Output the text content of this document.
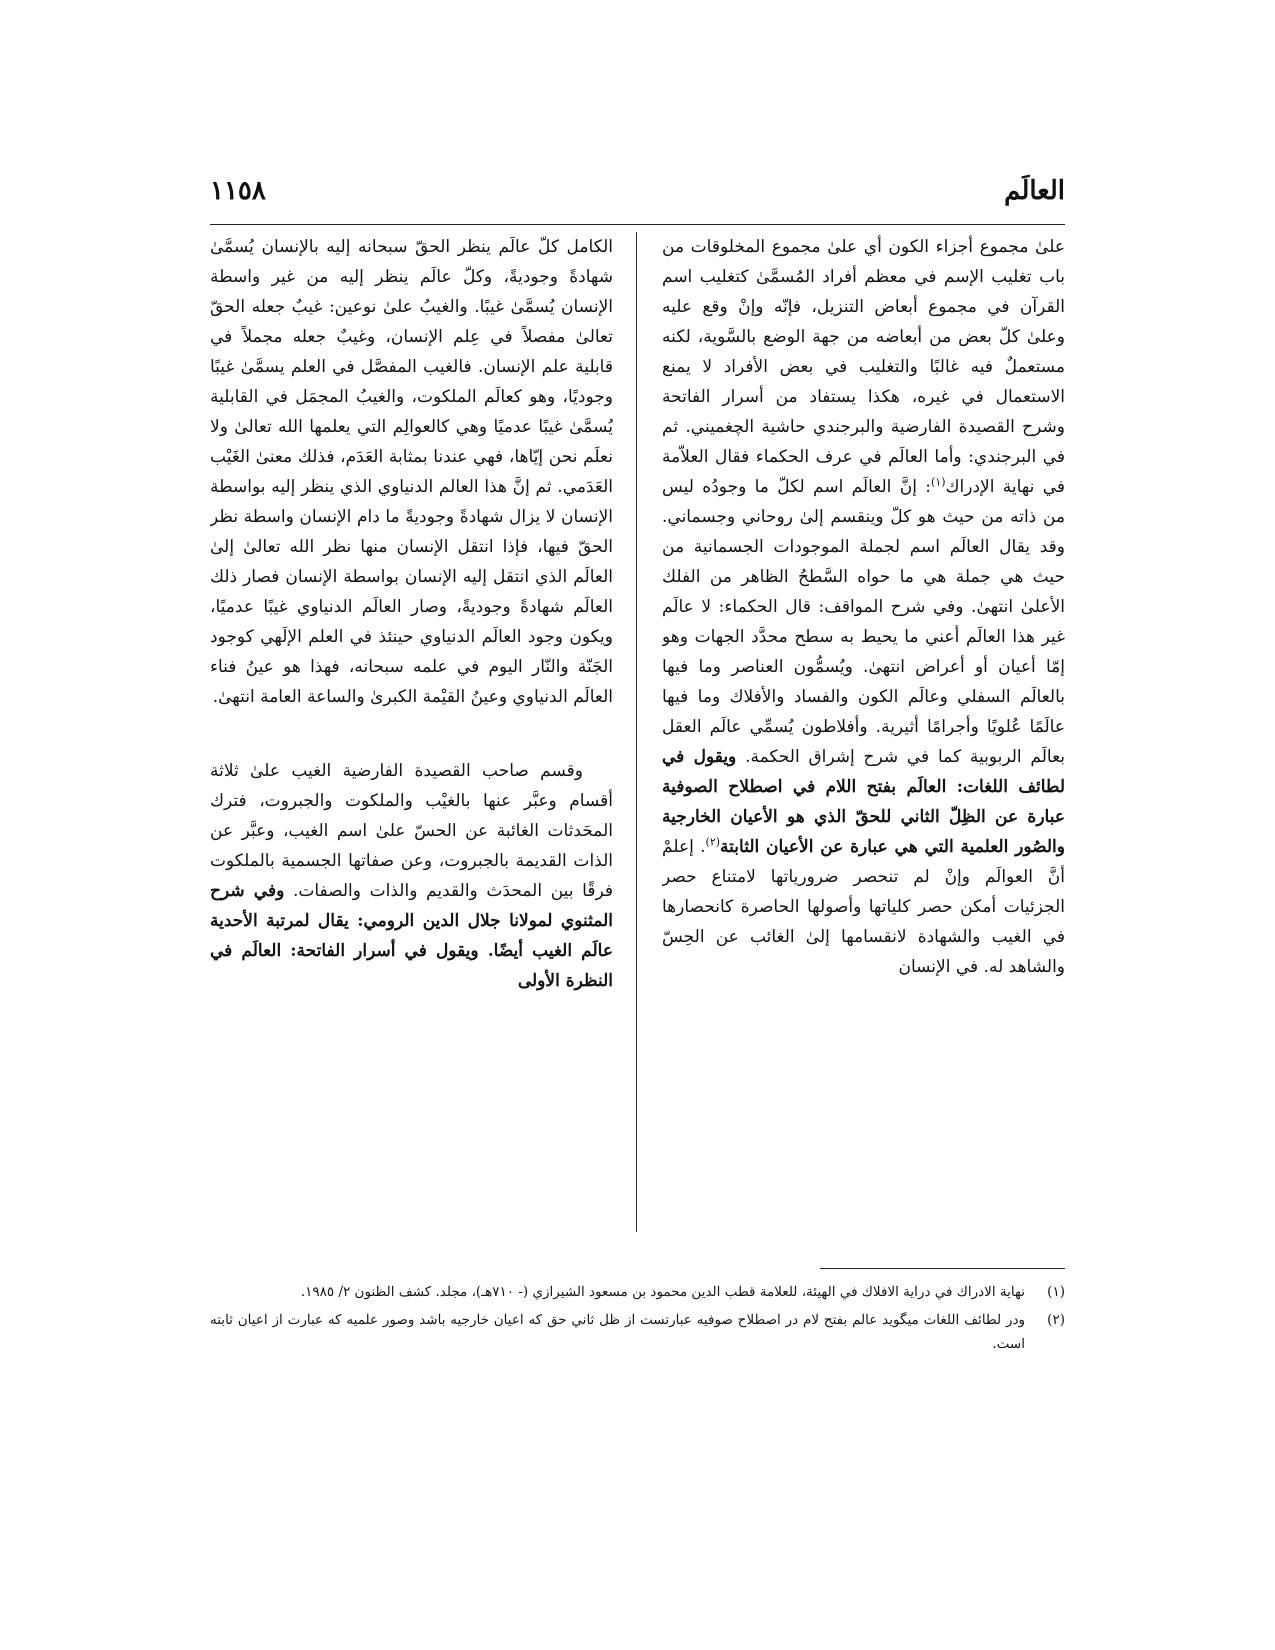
العالَم
١١٥٨

علىٰ مجموع أجزاء الكون أي علىٰ مجموع المخلوقات من باب تغليب الإسم في معظم أفراد المُسمَّىٰ كتغليب اسم القرآن في مجموع أبعاض التنزيل، فإنّه وإنْ وقع عليه وعلىٰ كلّ بعض من أبعاضه من جهة الوضع بالسَّوية، لكنه مستعملٌ فيه غالبًا والتغليب في بعض الأفراد لا يمنع الاستعمال في غيره، هكذا يستفاد من أسرار الفاتحة وشرح القصيدة الفارضية والبرجندي حاشية الچغميني. ثم في البرجندي: وأما العالَم في عرف الحكماء فقال العلاّمة في نهاية الإدراك$^{(١)}$: إنَّ العالَم اسم لكلّ ما وجودُه ليس من ذاته من حيث هو كلّ وينقسم إلىٰ روحاني وجسماني. وقد يقال العالَم اسم لجملة الموجودات الجسمانية من حيث هي جملة هي ما حواه السَّطحُ الظاهر من الفلك الأعلىٰ انتهىٰ. وفي شرح المواقف: قال الحكماء: لا عالَم غير هذا العالَم أعني ما يحيط به سطح محدَّد الجهات وهو إمّا أعيان أو أعراض انتهىٰ. ويُسمُّون العناصر وما فيها بالعالَم السفلي وعالَم الكون والفساد والأفلاك وما فيها عالَمًا عُلويًا وأجرامًا أثيرية. وأفلاطون يُسمِّي عالَم العقل بعالَم الربوبية كما في شرح إشراق الحكمة. ويقول في لطائف اللغات: العالَم بفتح اللام في اصطلاح الصوفية عبارة عن الظِلّ الثاني للحقّ الذي هو الأعيان الخارجية والصُور العلمية التي هي عبارة عن الأعيان الثابتة$^{(٢)}$. إعلمْ أنَّ العوالَم وإنْ لم تنحصر ضرورياتها لامتناع حصر الجزئيات أمكن حصر كلياتها وأصولها الحاصرة كانحصارها في الغيب والشهادة لانقسامها إلىٰ الغائب عن الحِسّ والشاهد له. في الإنسان

الكامل كلّ عالَم ينظر الحقّ سبحانه إليه بالإنسان يُسمَّىٰ شهادةً وجوديةً، وكلّ عالَم ينظر إليه من غير واسطة الإنسان يُسمَّىٰ غيبًا. والغيبُ علىٰ نوعين: غيبٌ جعله الحقّ تعالىٰ مفصلاً في عِلم الإنسان، وغيبٌ جعله مجملاً في قابلية علم الإنسان. فالغيب المفصَّل في العلم يسمَّىٰ غيبًا وجوديًا، وهو كعالَم الملكوت، والغيبُ المجمَل في القابلية يُسمَّىٰ غيبًا عدميًا وهي كالعوالِم التي يعلمها الله تعالىٰ ولا نعلَم نحن إيّاها، فهي عندنا بمثابة العَدَم، فذلك معنىٰ الغَيْب العَدَمي. ثم إنَّ هذا العالم الدنياوي الذي ينظر إليه بواسطة الإنسان لا يزال شهادةً وجوديةً ما دام الإنسان واسطة نظر الحقّ فيها، فإذا انتقل الإنسان منها نظر الله تعالىٰ إلىٰ العالَم الذي انتقل إليه الإنسان بواسطة الإنسان فصار ذلك العالَم شهادةً وجوديةً، وصار العالَم الدنياوي غيبًا عدميًا، ويكون وجود العالَم الدنياوي حينئذ في العلم الإلَهي كوجود الجَنّة والنّار اليوم في علمه سبحانه، فهذا هو عينُ فناء العالَم الدنياوي وعينُ القيْمة الكبرىٰ والساعة العامة انتهىٰ.

وقسم صاحب القصيدة الفارضية الغيب علىٰ ثلاثة أقسام وعبَّر عنها بالغيْب والملكوت والجبروت، فترك المحَدثات الغائبة عن الحسّ علىٰ اسم الغيب، وعبَّر عن الذات القديمة بالجبروت، وعن صفاتها الجسمية بالملكوت فرقًا بين المحدَث والقديم والذات والصفات. وفي شرح المثنوي لمولانا جلال الدين الرومي: يقال لمرتبة الأحدية عالَم الغيب أيضًا. ويقول في أسرار الفاتحة: العالَم في النظرة الأولى

(١)
نهاية الادراك في دراية الافلاك في الهيئة، للعلامة قطب الدين محمود بن مسعود الشيرازي (- ٧١٠هـ)، مجلد. كشف الظنون ٢/ ١٩٨٥.
(٢)
ودر لطائف اللغات ميگويد عالم بفتح لام در اصطلاح صوفيه عبارتست از ظل ثاني حق كه اعيان خارجيه باشد وصور علميه كه عبارت از اعيان ثابته است.
